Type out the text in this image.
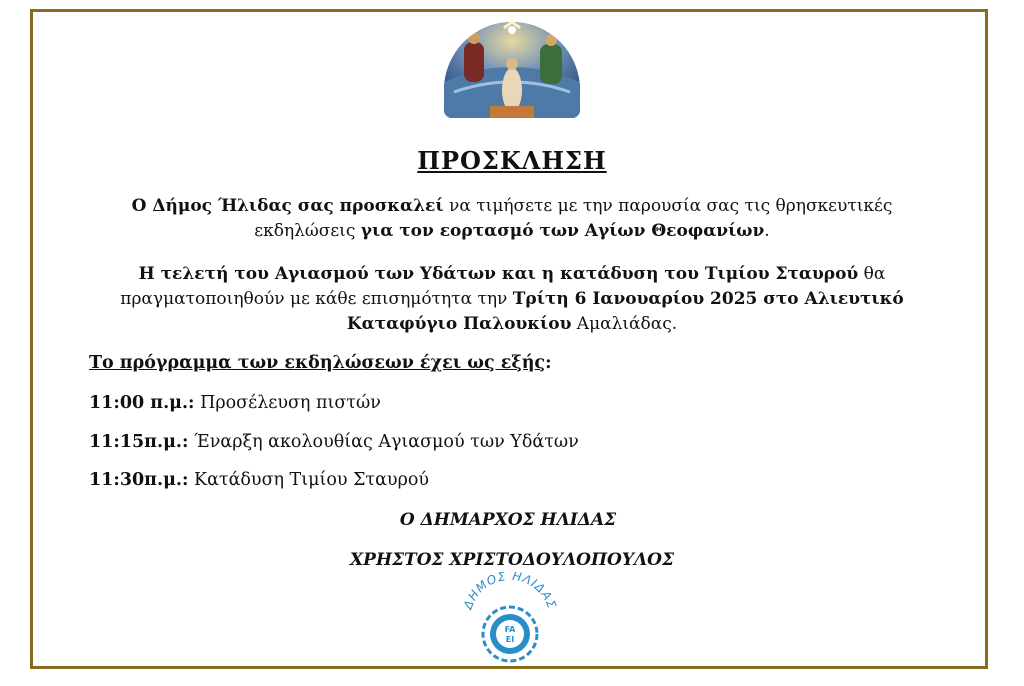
ΠΡΟΣΚΛΗΣΗ
Ο Δήμος Ήλιδας σας προσκαλεί να τιμήσετε με την παρουσία σας τις θρησκευτικές εκδηλώσεις για τον εορτασμό των Αγίων Θεοφανίων.
Η τελετή του Αγιασμού των Υδάτων και η κατάδυση του Τιμίου Σταυρού θα πραγματοποιηθούν με κάθε επισημότητα την Τρίτη 6 Ιανουαρίου 2025 στο Αλιευτικό Καταφύγιο Παλουκίου Αμαλιάδας.
Το πρόγραμμα των εκδηλώσεων έχει ως εξής:
11:00 π.μ.: Προσέλευση πιστών
11:15π.μ.: Έναρξη ακολουθίας Αγιασμού των Υδάτων
11:30π.μ.: Κατάδυση Τιμίου Σταυρού
Ο ΔΗΜΑΡΧΟΣ ΗΛΙΔΑΣ
ΧΡΗΣΤΟΣ ΧΡΙΣΤΟΔΟΥΛΟΠΟΥΛΟΣ
ΔΗΜΟΣ ΗΛΙΔΑΣ
FA
EI
